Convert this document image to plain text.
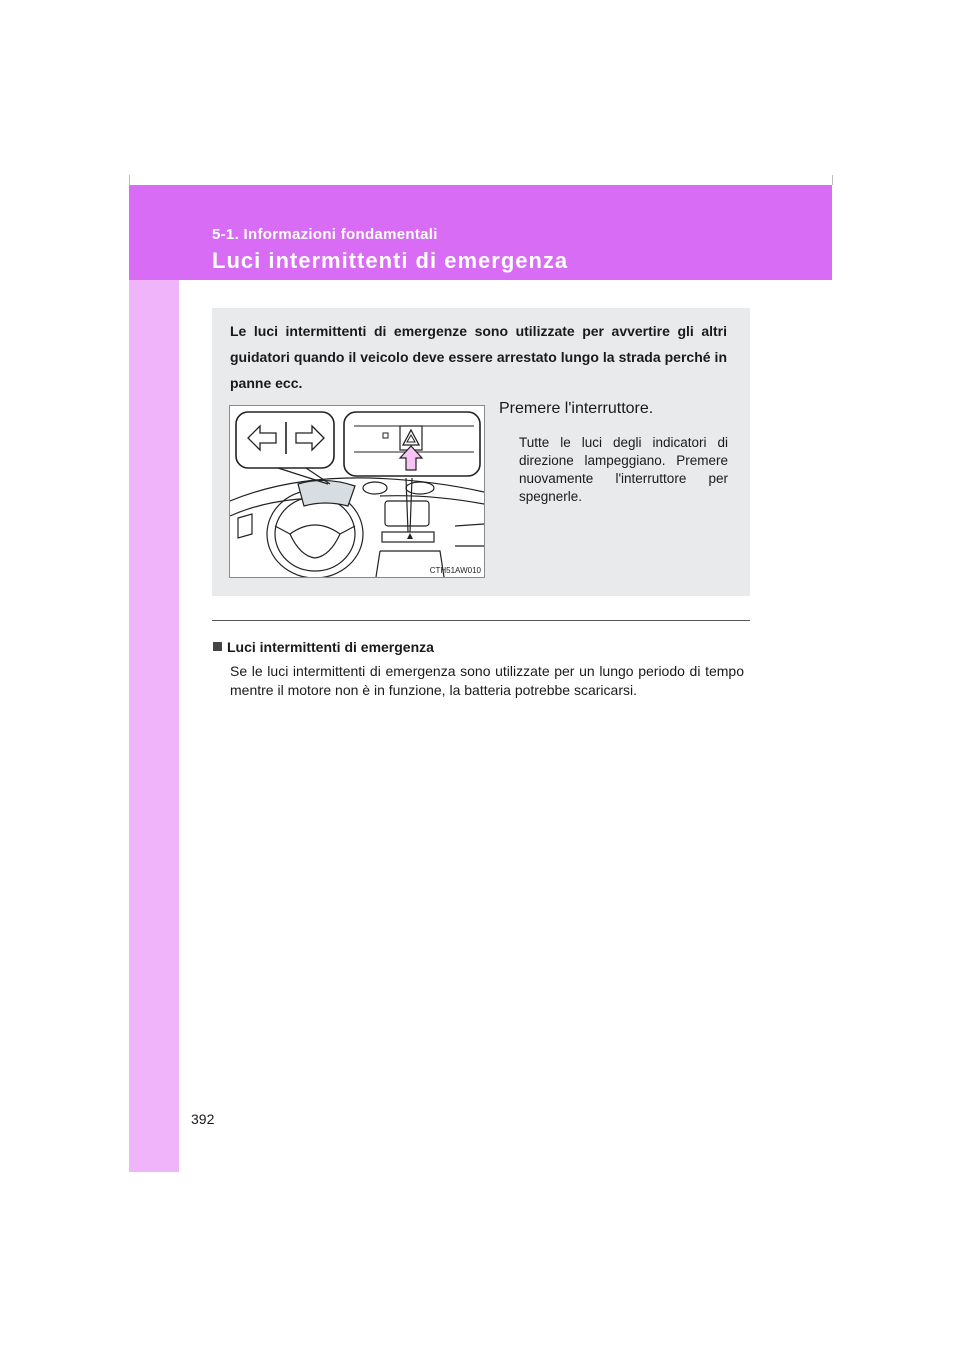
5-1. Informazioni fondamentali
Luci intermittenti di emergenza

Le luci intermittenti di emergenze sono utilizzate per avvertire gli altri guidatori quando il veicolo deve essere arrestato lungo la strada perché in panne ecc.

CTH51AW010
Premere l'interruttore.

Tutte le luci degli indicatori di direzione lampeggiano. Premere nuovamente l'interruttore per spegnerle.

Luci intermittenti di emergenza

Se le luci intermittenti di emergenza sono utilizzate per un lungo periodo di tempo mentre il motore non è in funzione, la batteria potrebbe scaricarsi.

392
